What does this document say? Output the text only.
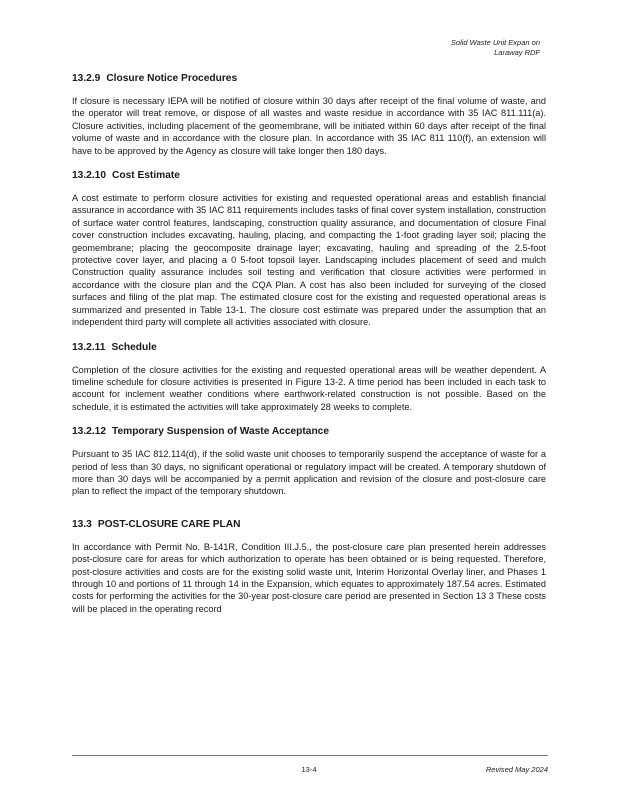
Solid Waste Unit Expan on
Laraway RDF
13.2.9 Closure Notice Procedures

If closure is necessary IEPA will be notified of closure within 30 days after receipt of the final volume of waste, and the operator will treat remove, or dispose of all wastes and waste residue in accordance with 35 IAC 811.111(a). Closure activities, including placement of the geomembrane, will be initiated within 60 days after receipt of the final volume of waste and in accordance with the closure plan. In accordance with 35 IAC 811 110(f), an extension will have to be approved by the Agency as closure will take longer then 180 days.

13.2.10 Cost Estimate

A cost estimate to perform closure activities for existing and requested operational areas and establish financial assurance in accordance with 35 IAC 811 requirements includes tasks of final cover system installation, construction of surface water control features, landscaping, construction quality assurance, and documentation of closure Final cover construction includes excavating, hauling, placing, and compacting the 1-foot grading layer soil; placing the geomembrane; placing the geocomposite drainage layer; excavating, hauling and spreading of the 2.5-foot protective cover layer, and placing a 0 5-foot topsoil layer. Landscaping includes placement of seed and mulch Construction quality assurance includes soil testing and verification that closure activities were performed in accordance with the closure plan and the CQA Plan. A cost has also been included for surveying of the closed surfaces and filing of the plat map. The estimated closure cost for the existing and requested operational areas is summarized and presented in Table 13-1. The closure cost estimate was prepared under the assumption that an independent third party will complete all activities associated with closure.

13.2.11 Schedule

Completion of the closure activities for the existing and requested operational areas will be weather dependent. A timeline schedule for closure activities is presented in Figure 13-2. A time period has been included in each task to account for inclement weather conditions where earthwork-related construction is not possible. Based on the schedule, it is estimated the activities will take approximately 28 weeks to complete.

13.2.12 Temporary Suspension of Waste Acceptance

Pursuant to 35 IAC 812.114(d), if the solid waste unit chooses to temporarily suspend the acceptance of waste for a period of less than 30 days, no significant operational or regulatory impact will be created. A temporary shutdown of more than 30 days will be accompanied by a permit application and revision of the closure and post-closure care plan to reflect the impact of the temporary shutdown.

13.3 POST-CLOSURE CARE PLAN

In accordance with Permit No. B-141R, Condition III.J.5., the post-closure care plan presented herein addresses post-closure care for areas for which authorization to operate has been obtained or is being requested. Therefore, post-closure activities and costs are for the existing solid waste unit, Interim Horizontal Overlay liner, and Phases 1 through 10 and portions of 11 through 14 in the Expansion, which equates to approximately 187.54 acres. Estimated costs for performing the activities for the 30-year post-closure care period are presented in Section 13 3 These costs will be placed in the operating record

13-4	Revised May 2024
